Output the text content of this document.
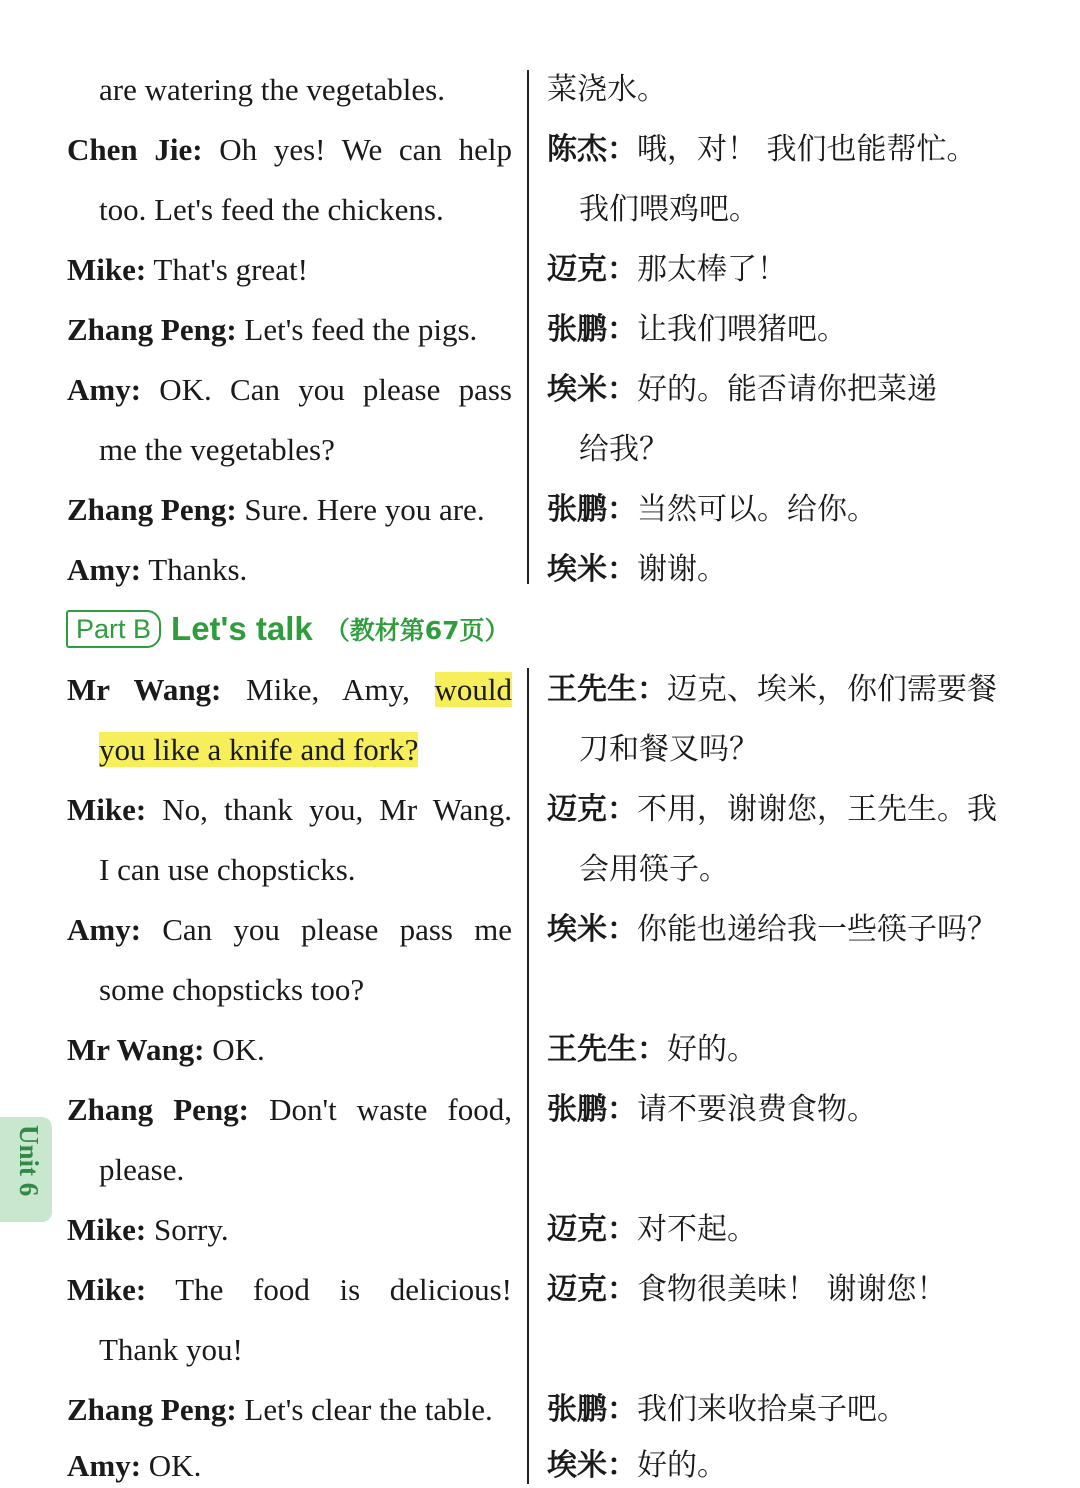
Part B Let's talk （教材第67页）
are watering the vegetables.
Chen Jie: Oh yes! We can help
too. Let's feed the chickens.
Mike: That's great!
Zhang Peng: Let's feed the pigs.
Amy: OK. Can you please pass
me the vegetables?
Zhang Peng: Sure. Here you are.
Amy: Thanks.
Mr Wang: Mike, Amy, would
you like a knife and fork?
Mike: No, thank you, Mr Wang.
I can use chopsticks.
Amy: Can you please pass me
some chopsticks too?
Mr Wang: OK.
Zhang Peng: Don't waste food,
please.
Mike: Sorry.
Mike: The food is delicious!
Thank you!
Zhang Peng: Let's clear the table.
Amy: OK.
菜浇水。
陈杰：哦，对！ 我们也能帮忙。
我们喂鸡吧。
迈克：那太棒了！
张鹏：让我们喂猪吧。
埃米：好的。能否请你把菜递
给我？
张鹏：当然可以。给你。
埃米：谢谢。
王先生：迈克、埃米，你们需要餐
刀和餐叉吗？
迈克：不用，谢谢您，王先生。我
会用筷子。
埃米：你能也递给我一些筷子吗？
王先生：好的。
张鹏：请不要浪费食物。
迈克：对不起。
迈克：食物很美味！ 谢谢您！
张鹏：我们来收拾桌子吧。
埃米：好的。
Unit 6
